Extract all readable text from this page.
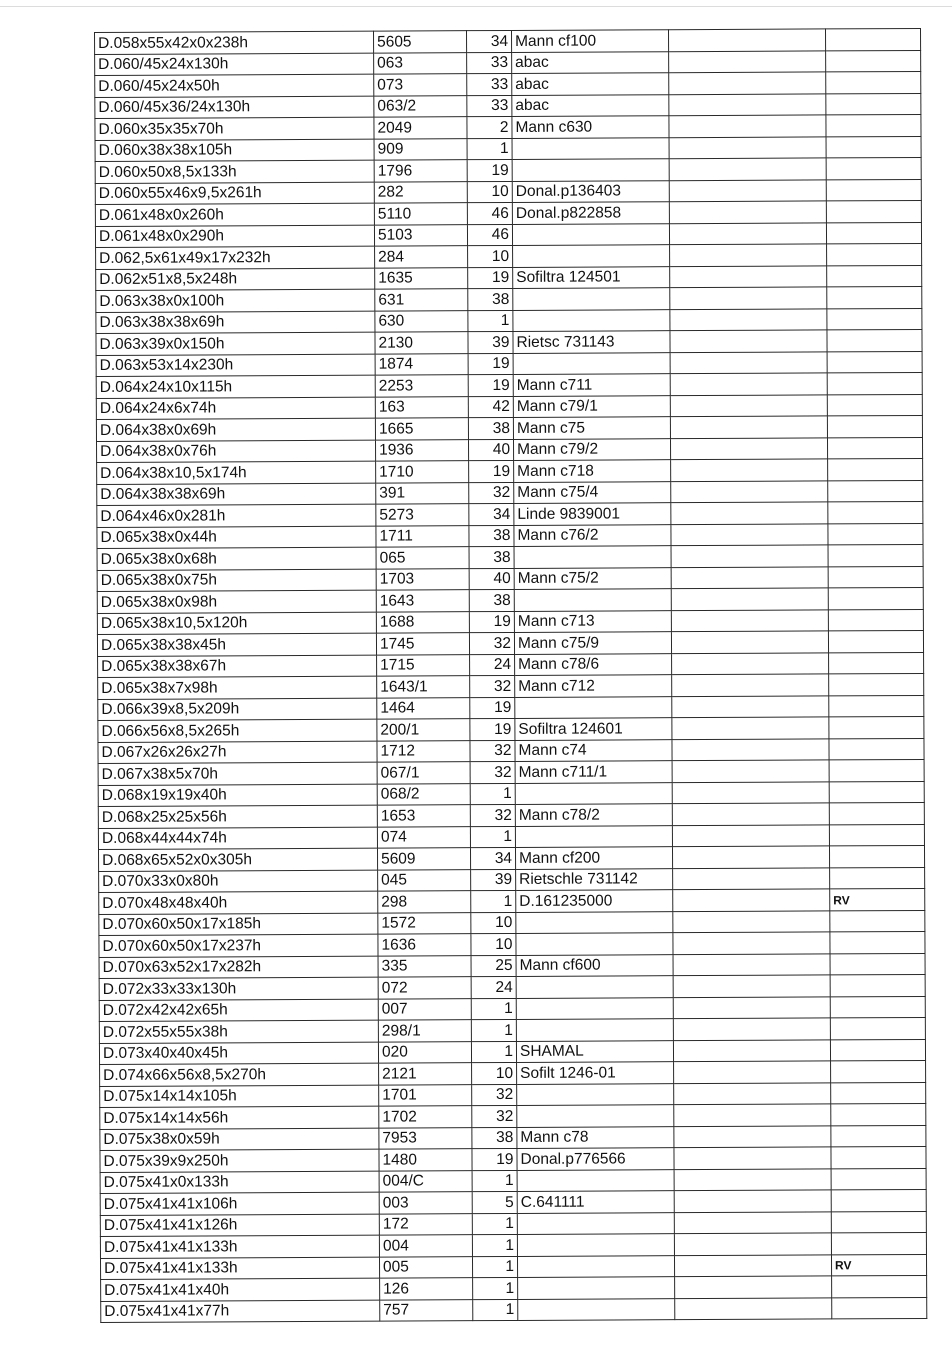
D.058x55x42x0x238h	5605	34	Mann cf100		
D.060/45x24x130h	063	33	abac		
D.060/45x24x50h	073	33	abac		
D.060/45x36/24x130h	063/2	33	abac		
D.060x35x35x70h	2049	2	Mann c630		
D.060x38x38x105h	909	1			
D.060x50x8,5x133h	1796	19			
D.060x55x46x9,5x261h	282	10	Donal.p136403		
D.061x48x0x260h	5110	46	Donal.p822858		
D.061x48x0x290h	5103	46			
D.062,5x61x49x17x232h	284	10			
D.062x51x8,5x248h	1635	19	Sofiltra 124501		
D.063x38x0x100h	631	38			
D.063x38x38x69h	630	1			
D.063x39x0x150h	2130	39	Rietsc 731143		
D.063x53x14x230h	1874	19			
D.064x24x10x115h	2253	19	Mann c711		
D.064x24x6x74h	163	42	Mann c79/1		
D.064x38x0x69h	1665	38	Mann c75		
D.064x38x0x76h	1936	40	Mann c79/2		
D.064x38x10,5x174h	1710	19	Mann c718		
D.064x38x38x69h	391	32	Mann c75/4		
D.064x46x0x281h	5273	34	Linde 9839001		
D.065x38x0x44h	1711	38	Mann c76/2		
D.065x38x0x68h	065	38			
D.065x38x0x75h	1703	40	Mann c75/2		
D.065x38x0x98h	1643	38			
D.065x38x10,5x120h	1688	19	Mann c713		
D.065x38x38x45h	1745	32	Mann c75/9		
D.065x38x38x67h	1715	24	Mann c78/6		
D.065x38x7x98h	1643/1	32	Mann c712		
D.066x39x8,5x209h	1464	19			
D.066x56x8,5x265h	200/1	19	Sofiltra 124601		
D.067x26x26x27h	1712	32	Mann c74		
D.067x38x5x70h	067/1	32	Mann c711/1		
D.068x19x19x40h	068/2	1			
D.068x25x25x56h	1653	32	Mann c78/2		
D.068x44x44x74h	074	1			
D.068x65x52x0x305h	5609	34	Mann cf200		
D.070x33x0x80h	045	39	Rietschle 731142		
D.070x48x48x40h	298	1	D.161235000		RV
D.070x60x50x17x185h	1572	10			
D.070x60x50x17x237h	1636	10			
D.070x63x52x17x282h	335	25	Mann cf600		
D.072x33x33x130h	072	24			
D.072x42x42x65h	007	1			
D.072x55x55x38h	298/1	1			
D.073x40x40x45h	020	1	SHAMAL		
D.074x66x56x8,5x270h	2121	10	Sofilt 1246-01		
D.075x14x14x105h	1701	32			
D.075x14x14x56h	1702	32			
D.075x38x0x59h	7953	38	Mann c78		
D.075x39x9x250h	1480	19	Donal.p776566		
D.075x41x0x133h	004/C	1			
D.075x41x41x106h	003	5	C.641111		
D.075x41x41x126h	172	1			
D.075x41x41x133h	004	1			
D.075x41x41x133h	005	1			RV
D.075x41x41x40h	126	1			
D.075x41x41x77h	757	1			
